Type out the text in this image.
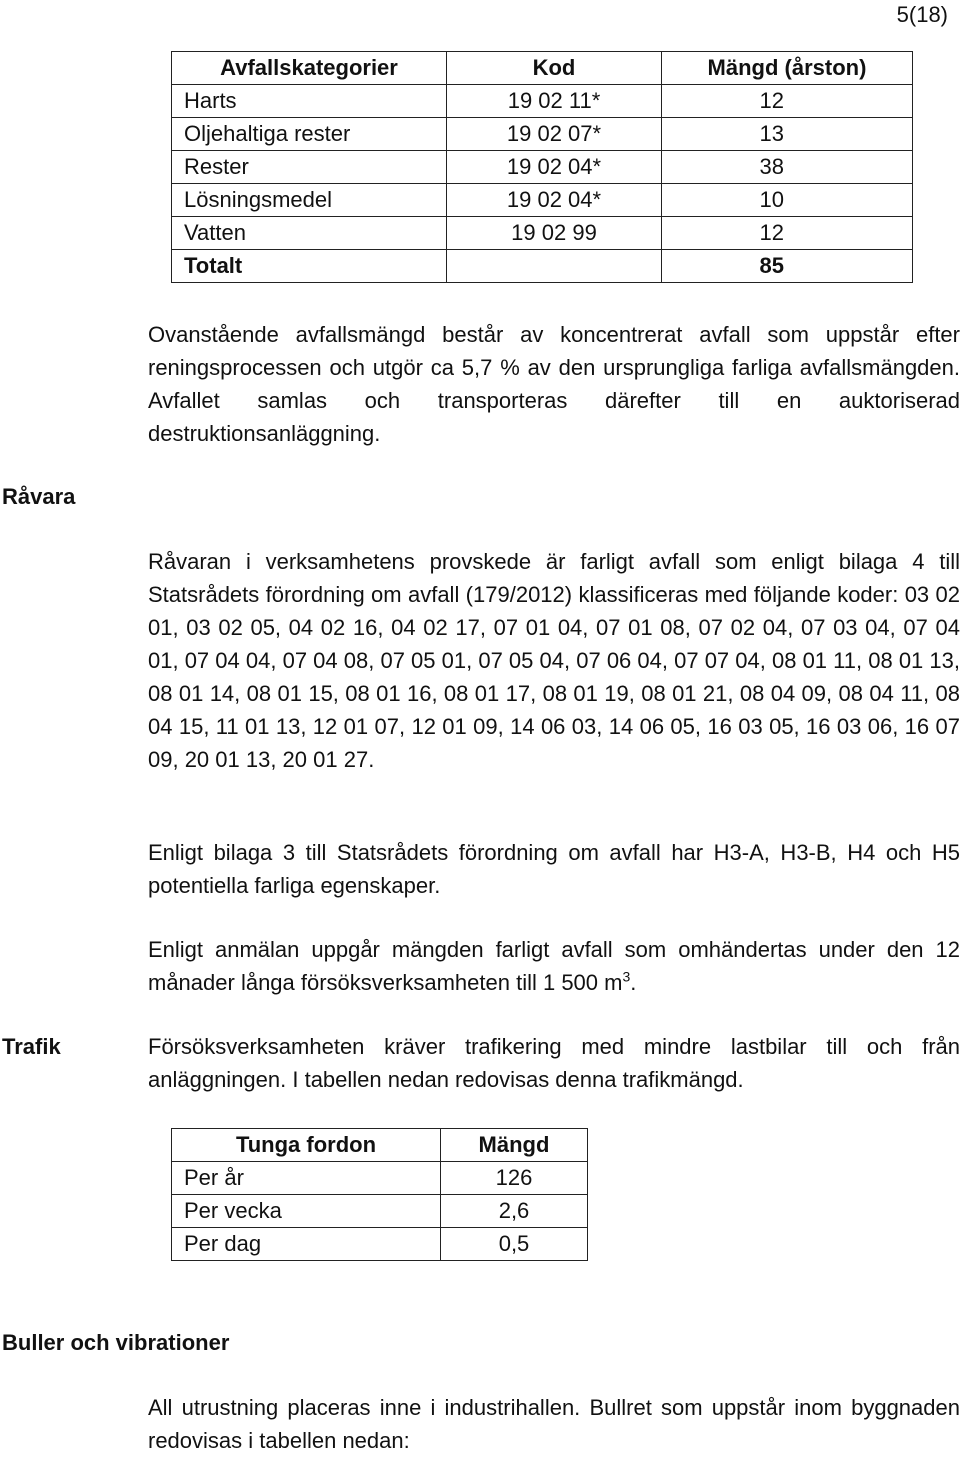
5(18)
Avfallskategorier	Kod	Mängd (årston)
Harts	19 02 11*	12
Oljehaltiga rester	19 02 07*	13
Rester	19 02 04*	38
Lösningsmedel	19 02 04*	10
Vatten	19 02 99	12
Totalt		85
Ovanstående avfallsmängd består av koncentrerat avfall som uppstår efter reningsprocessen och utgör ca 5,7 % av den ursprungliga farliga avfallsmängden. Avfallet samlas och transporteras därefter till en auktoriserad destruktionsanläggning.
Råvara
Råvaran i verksamhetens provskede är farligt avfall som enligt bilaga 4 till Statsrådets förordning om avfall (179/2012) klassificeras med följande koder: 03 02 01, 03 02 05, 04 02 16, 04 02 17, 07 01 04, 07 01 08, 07 02 04, 07 03 04, 07 04 01, 07 04 04, 07 04 08, 07 05 01, 07 05 04, 07 06 04, 07 07 04, 08 01 11, 08 01 13, 08 01 14, 08 01 15, 08 01 16, 08 01 17, 08 01 19, 08 01 21, 08 04 09, 08 04 11, 08 04 15, 11 01 13, 12 01 07, 12 01 09, 14 06 03, 14 06 05, 16 03 05, 16 03 06, 16 07 09, 20 01 13, 20 01 27.
Enligt bilaga 3 till Statsrådets förordning om avfall har H3-A, H3-B, H4 och H5 potentiella farliga egenskaper.
Enligt anmälan uppgår mängden farligt avfall som omhändertas under den 12 månader långa försöksverksamheten till 1 500 $m^3$.
Trafik	Försöksverksamheten kräver trafikering med mindre lastbilar till och från anläggningen. I tabellen nedan redovisas denna trafikmängd.
Tunga fordon	Mängd
Per år	126
Per vecka	2,6
Per dag	0,5
Buller och vibrationer
All utrustning placeras inne i industrihallen. Bullret som uppstår inom byggnaden redovisas i tabellen nedan:
